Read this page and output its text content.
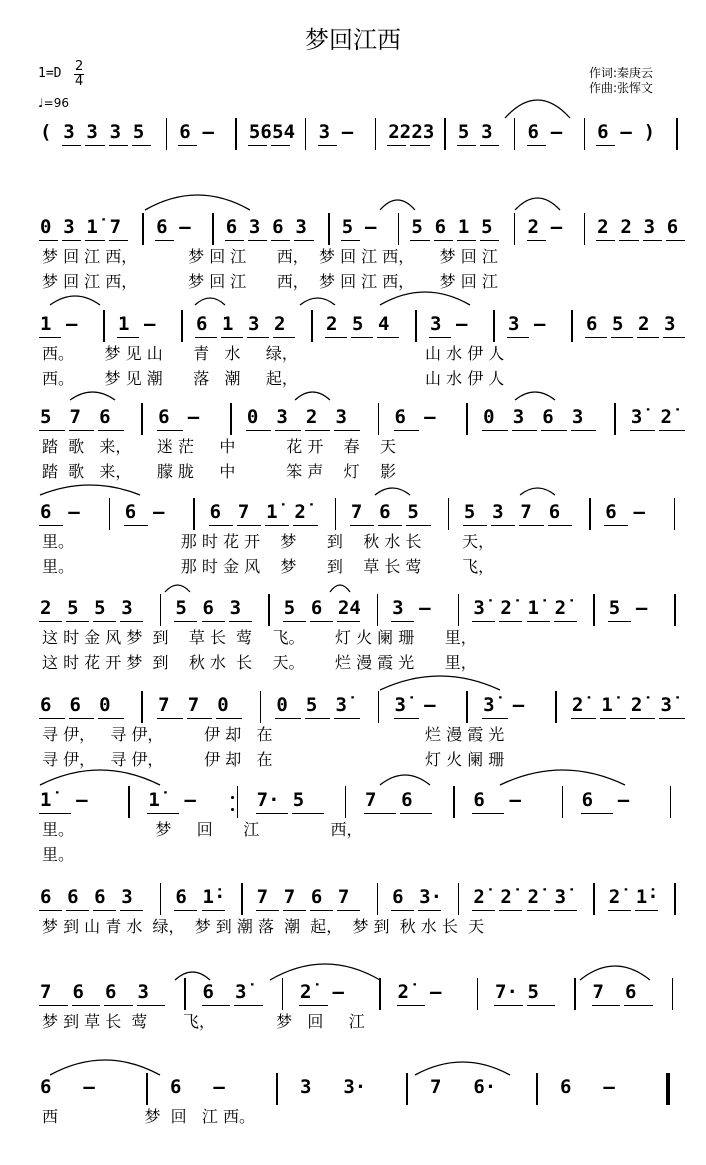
梦回江西
$1=D \frac{2}{4}$
♩=96
作词:秦庚云
作曲:张恽文
( 3 3 3 5 6 – 56 54 3 – 22 23 5 3 6 – 6 – )
0 3 1̇ 7 6 – 6 3 6 3 5 – 5 6 1 5 2 – 2 2 3 6
梦 回 江 西，          梦 回 江      西，  梦 回 江 西，     梦 回 江
梦 回 江 西，          梦 回 江      西，  梦 回 江 西，     梦 回 江
1 – 1 – 6 1 3 2 2 5 4 3 – 3 – 6 5 2 3
西。      梦 见 山      青   水     绿，                         山 水 伊 人
西。      梦 见 潮      落   潮     起，                         山 水 伊 人
5 7 6	6 –	0 3 2 3	6 –	0 3 6 3	3̇ 2̇
踏  歌   来，     迷 茫     中          花 开    春    天
踏  歌   来，     朦 胧     中          笨 声    灯    影
6 – 6 – 6 7 1̇ 2̇ 7 6 5 5 3 7 6 6 –
里。                     那 时 花 开    梦      到    秋 水 长        天，
里。                     那 时 金 风    梦      到    草 长 莺        飞，
2 5 5 3 5 6 3 5 6 24 3 – 3̇ 2̇ 1̇ 2̇ 5 –
这 时 金 风 梦  到    草 长  莺    飞。      灯 火 阑 珊      里，
这 时 花 开 梦  到    秋 水  长    天。      烂 漫 霞 光      里，
6 6 0	7 7 0	0 5 3̇	3̇ –	3̇ –	2̇ 1̇ 2̇ 3̇
寻 伊，   寻 伊，        伊 却   在                              烂 漫 霞 光
寻 伊，   寻 伊，        伊 却   在                              灯 火 阑 珊
1̇ –	1̇ –	7· 5	7 6	6 –	6 –
里。                梦     回      江              西，
里。
6 6 6 3 6 1̇· 7 7 6 7 6 3· 2̇ 2̇ 2̇ 3̇ 2̇ 1̇·
梦 到 山 青 水  绿，  梦 到 潮 落  潮  起，  梦 到  秋 水 长  天
7 6 6 3	6 3̇	2̇ –	2̇ –	7· 5	7 6
梦 到 草 长  莺       飞，            梦   回     江
6 –	6 –	3 3·	7 6·	6 –
西                 梦  回   江 西。
